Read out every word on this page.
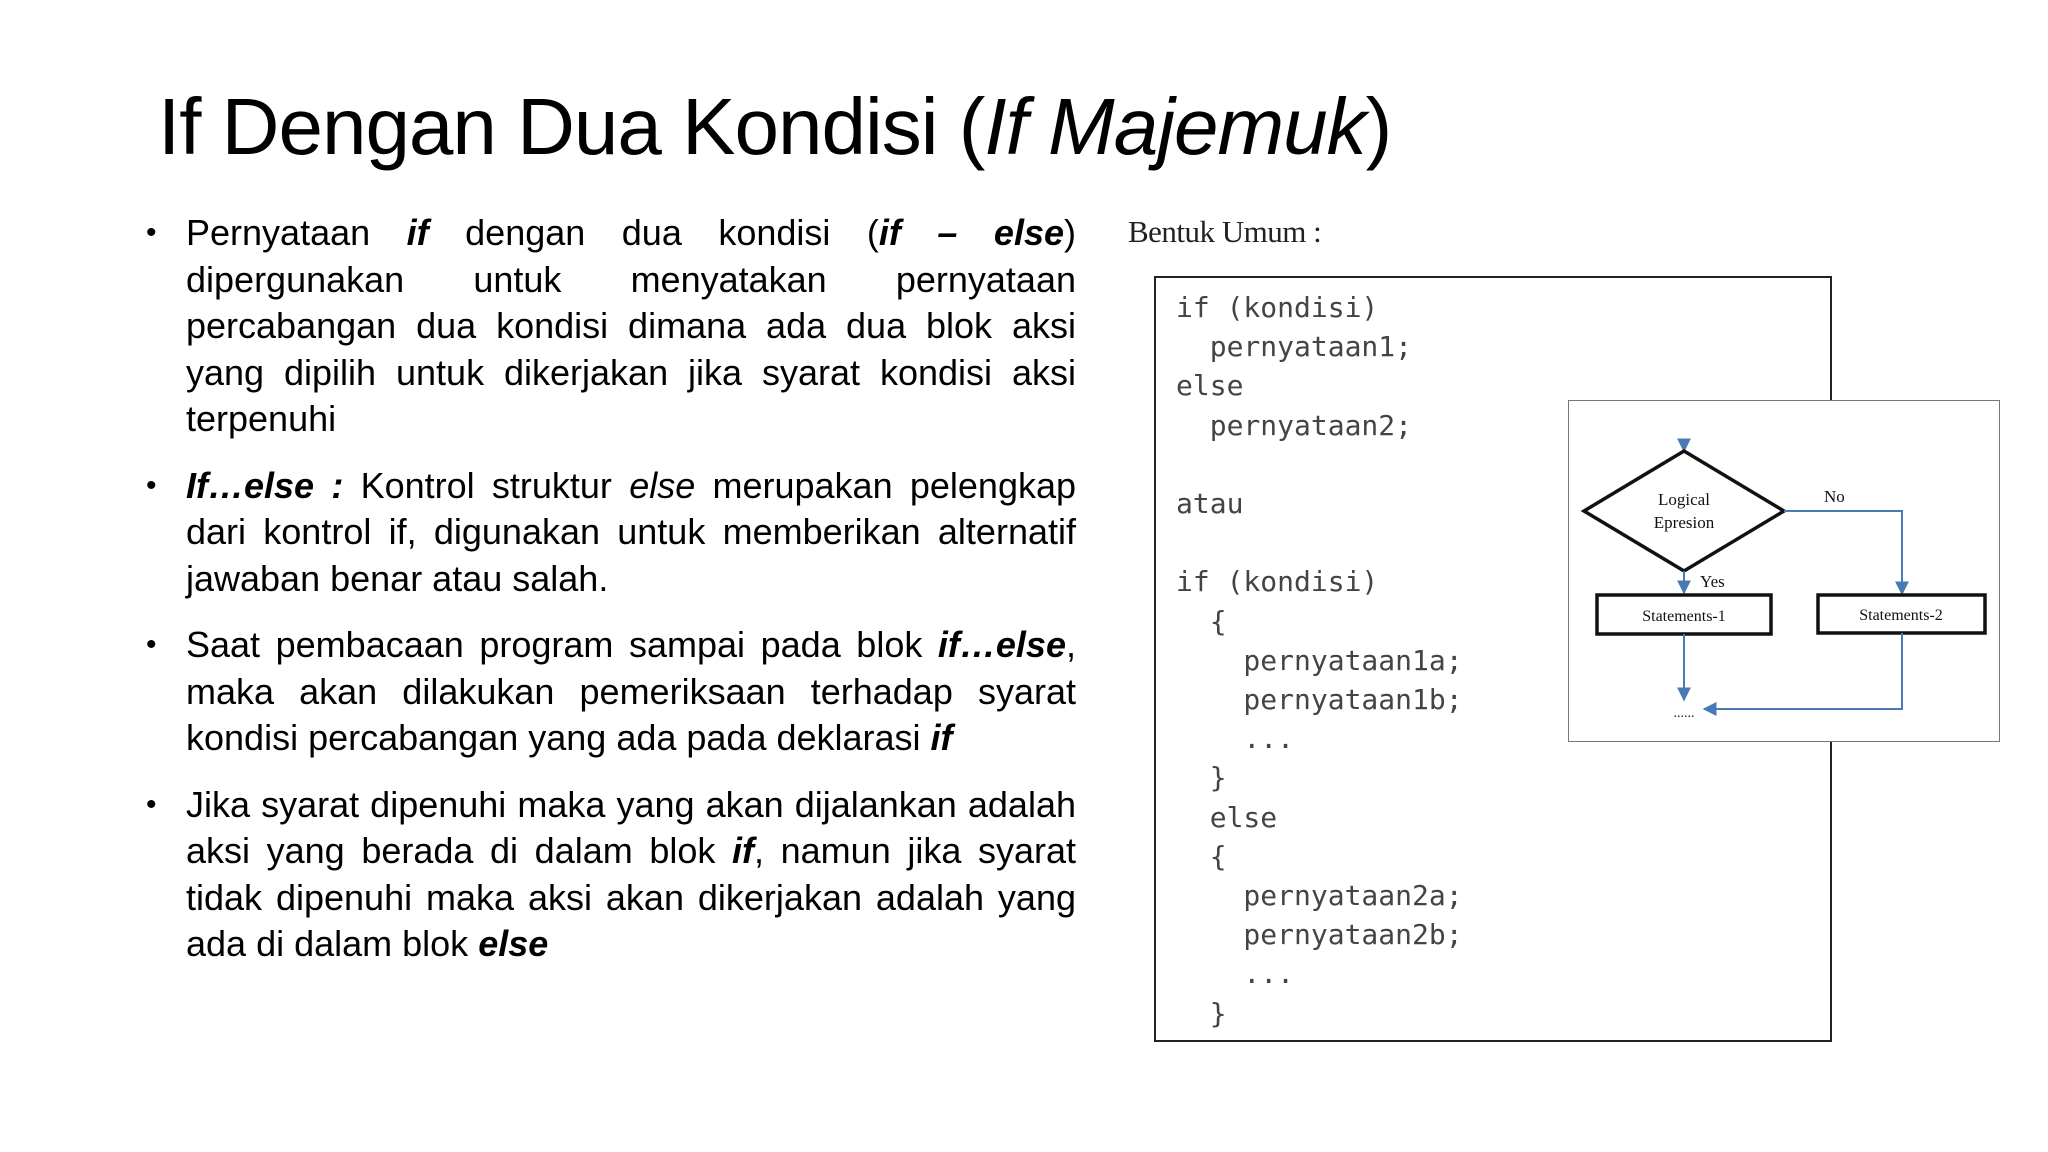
If Dengan Dua Kondisi (If Majemuk)
• Pernyataan if dengan dua kondisi (if – else) dipergunakan untuk menyatakan pernyataan percabangan dua kondisi dimana ada dua blok aksi yang dipilih untuk dikerjakan jika syarat kondisi aksi terpenuhi
• If…else : Kontrol struktur else merupakan pelengkap dari kontrol if, digunakan untuk memberikan alternatif jawaban benar atau salah.
• Saat pembacaan program sampai pada blok if…else, maka akan dilakukan pemeriksaan terhadap syarat kondisi percabangan yang ada pada deklarasi if
• Jika syarat dipenuhi maka yang akan dijalankan adalah aksi yang berada di dalam blok if, namun jika syarat tidak dipenuhi maka aksi akan dikerjakan adalah yang ada di dalam blok else
Bentuk Umum :
if (kondisi)
pernyataan1;
else
pernyataan2;
atau
if (kondisi)
{
pernyataan1a;
pernyataan1b;
...
}
else
{
pernyataan2a;
pernyataan2b;
...
}
Logical
Epresion
Yes
No
Statements-1	Statements-2
......
